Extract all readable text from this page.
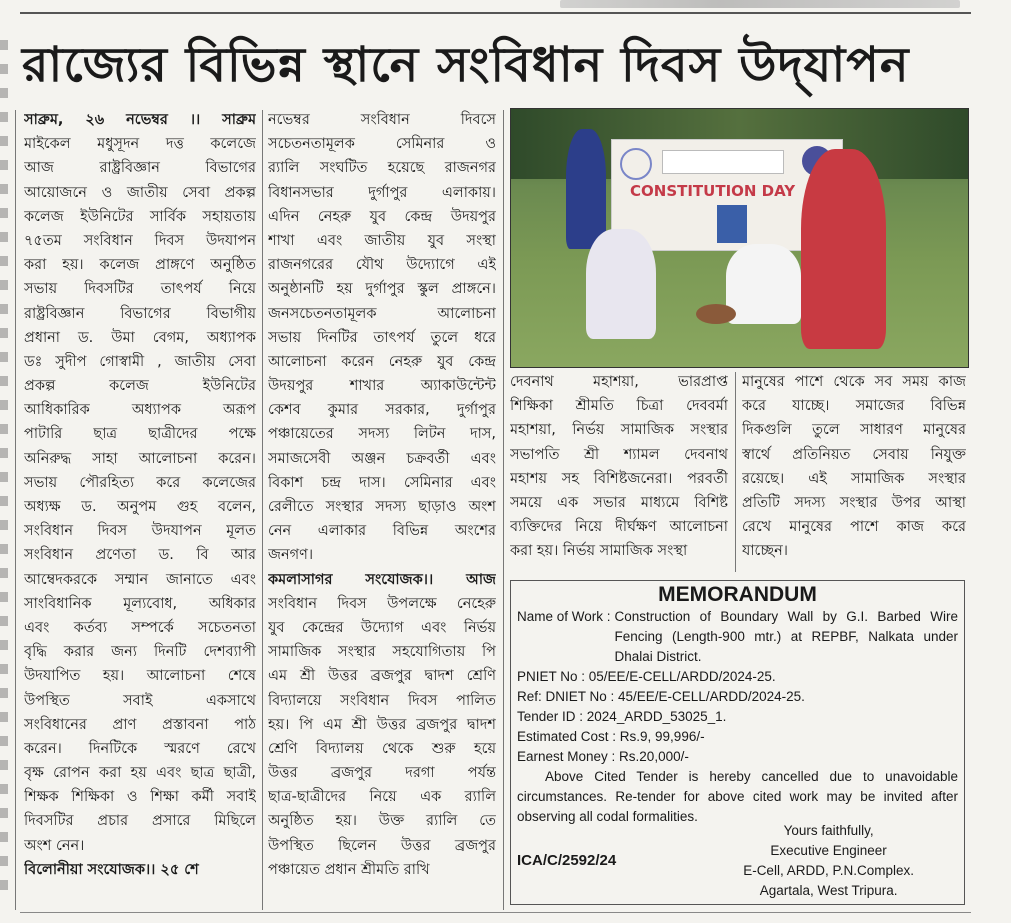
রাজ্যের বিভিন্ন স্থানে সংবিধান দিবস উদ্‌যাপন
সাব্রুম, ২৬ নভেম্বর ।। সাব্রুম
মাইকেল মধুসূদন দত্ত কলেজে
আজ রাষ্ট্রবিজ্ঞান বিভাগের
আয়োজনে ও জাতীয় সেবা প্রকল্প
কলেজ ইউনিটের সার্বিক সহায়তায়
৭৫তম সংবিধান দিবস উদযাপন
করা হয়। কলেজ প্রাঙ্গণে অনুষ্ঠিত
সভায় দিবসটির তাৎপর্য নিয়ে
রাষ্ট্রবিজ্ঞান বিভাগের বিভাগীয়
প্রধানা ড. উমা বেগম, অধ্যাপক
ডঃ সুদীপ গোস্বামী , জাতীয় সেবা
প্রকল্প কলেজ ইউনিটের
আধিকারিক অধ্যাপক অরূপ
পাটারি ছাত্র ছাত্রীদের পক্ষে
অনিরুদ্ধ সাহা আলোচনা করেন।
সভায় পৌরহিত্য করে কলেজের
অধ্যক্ষ ড. অনুপম গুহ বলেন,
সংবিধান দিবস উদযাপন মূলত
সংবিধান প্রণেতা ড. বি আর
আম্বেদকরকে সম্মান জানাতে এবং
সাংবিধানিক মূল্যবোধ, অধিকার
এবং কর্তব্য সম্পর্কে সচেতনতা
বৃদ্ধি করার জন্য দিনটি দেশব্যাপী
উদযাপিত হয়। আলোচনা শেষে
উপস্থিত সবাই একসাথে
সংবিধানের প্রাণ প্রস্তাবনা পাঠ
করেন। দিনটিকে স্মরণে রেখে
বৃক্ষ রোপন করা হয় এবং ছাত্র ছাত্রী,
শিক্ষক শিক্ষিকা ও শিক্ষা কর্মী সবাই
দিবসটির প্রচার প্রসারে মিছিলে
অংশ নেন।
বিলোনীয়া সংযোজক।। ২৫ শে
নভেম্বর সংবিধান দিবসে
সচেতনতামূলক সেমিনার ও
র‍্যালি সংঘটিত হয়েছে রাজনগর
বিধানসভার দুর্গাপুর এলাকায়।
এদিন নেহরু যুব কেন্দ্র উদয়পুর
শাখা এবং জাতীয় যুব সংস্থা
রাজনগরের যৌথ উদ্যোগে এই
অনুষ্ঠানটি হয় দুর্গাপুর স্কুল প্রাঙ্গনে।
জনসচেতনতামূলক আলোচনা
সভায় দিনটির তাৎপর্য তুলে ধরে
আলোচনা করেন নেহরু যুব কেন্দ্র
উদয়পুর শাখার অ্যাকাউন্টেন্ট
কেশব কুমার সরকার, দুর্গাপুর
পঞ্চায়েতের সদস্য লিটন দাস,
সমাজসেবী অঞ্জন চক্রবর্তী এবং
বিকাশ চন্দ্র দাস। সেমিনার এবং
রেলীতে সংস্থার সদস্য ছাড়াও অংশ
নেন এলাকার বিভিন্ন অংশের
জনগণ।
কমলাসাগর সংযোজক।। আজ
সংবিধান দিবস উপলক্ষে নেহেরু
যুব কেন্দ্রের উদ্যোগ এবং নির্ভয়
সামাজিক সংস্থার সহযোগিতায় পি
এম শ্রী উত্তর ব্রজপুর দ্বাদশ শ্রেণি
বিদ্যালয়ে সংবিধান দিবস পালিত
হয়। পি এম শ্রী উত্তর ব্রজপুর দ্বাদশ
শ্রেণি বিদ্যালয় থেকে শুরু হয়ে
উত্তর ব্রজপুর দরগা পর্যন্ত
ছাত্র-ছাত্রীদের নিয়ে এক র‍্যালি
অনুষ্ঠিত হয়। উক্ত র‍্যালি তে
উপস্থিত ছিলেন উত্তর ব্রজপুর
পঞ্চায়েত প্রধান শ্রীমতি রাখি
দেবনাথ মহাশয়া, ভারপ্রাপ্ত
শিক্ষিকা শ্রীমতি চিত্রা দেববর্মা
মহাশয়া, নির্ভয় সামাজিক সংস্থার
সভাপতি শ্রী শ্যামল দেবনাথ
মহাশয় সহ বিশিষ্টজনেরা। পরবর্তী
সময়ে এক সভার মাধ্যমে বিশিষ্ট
ব্যক্তিদের নিয়ে দীর্ঘক্ষণ আলোচনা
করা হয়। নির্ভয় সামাজিক সংস্থা
মানুষের পাশে থেকে সব সময় কাজ
করে যাচ্ছে। সমাজের বিভিন্ন
দিকগুলি তুলে সাধারণ মানুষের
স্বার্থে প্রতিনিয়ত সেবায় নিযুক্ত
রয়েছে। এই সামাজিক সংস্থার
প্রতিটি সদস্য সংস্থার উপর আস্থা
রেখে মানুষের পাশে কাজ করে
যাচ্ছেন।
CONSTITUTION DAY
MEMORANDUM
Name of Work : Construction of Boundary Wall by G.I. Barbed Wire Fencing (Length-900 mtr.) at REPBF, Nalkata under Dhalai District.
PNIET No : 05/EE/E-CELL/ARDD/2024-25.
Ref: DNIET No : 45/EE/E-CELL/ARDD/2024-25.
Tender ID : 2024_ARDD_53025_1.
Estimated Cost : Rs.9, 99,996/-
Earnest Money : Rs.20,000/-

Above Cited Tender is hereby cancelled due to unavoidable circumstances. Re-tender for above cited work may be invited after observing all codal formalities.

Yours faithfully,
Executive Engineer
E-Cell, ARDD, P.N.Complex.
Agartala, West Tripura.
ICA/C/2592/24
